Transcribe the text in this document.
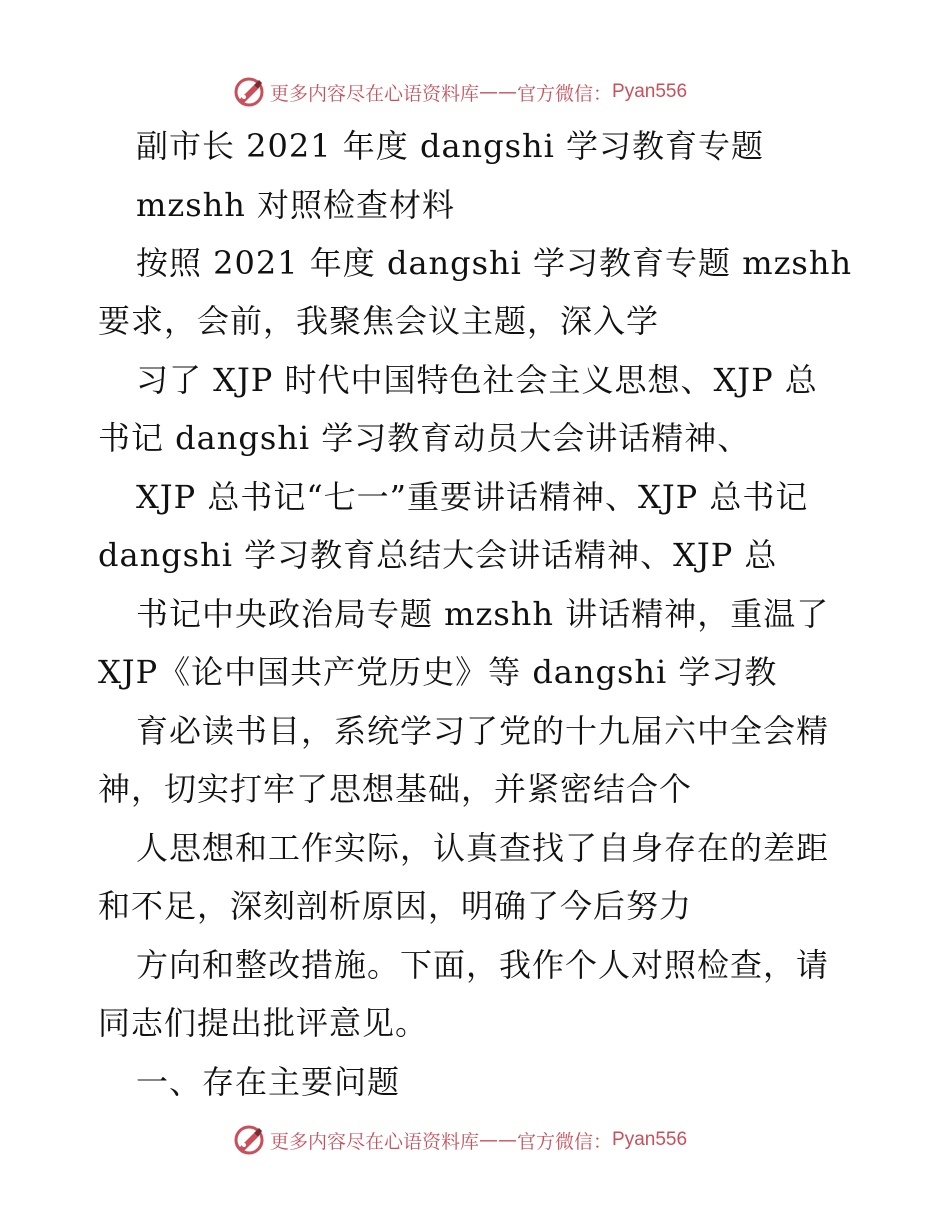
更多内容尽在心语资料库 —— 官方微信： Pyan556
副市长 2021 年度 dangshi 学习教育专题
mzshh 对照检查材料
按照 2021 年度 dangshi 学习教育专题 mzshh
要求，会前，我聚焦会议主题，深入学
习了 XJP 时代中国特色社会主义思想、XJP 总
书记 dangshi 学习教育动员大会讲话精神、
XJP 总书记“七一”重要讲话精神、XJP 总书记
dangshi 学习教育总结大会讲话精神、XJP 总
书记中央政治局专题 mzshh 讲话精神，重温了
XJP《论中国共产党历史》等 dangshi 学习教
育必读书目，系统学习了党的十九届六中全会精
神，切实打牢了思想基础，并紧密结合个
人思想和工作实际，认真查找了自身存在的差距
和不足，深刻剖析原因，明确了今后努力
方向和整改措施。下面，我作个人对照检查，请
同志们提出批评意见。
一、存在主要问题
更多内容尽在心语资料库 —— 官方微信： Pyan556
